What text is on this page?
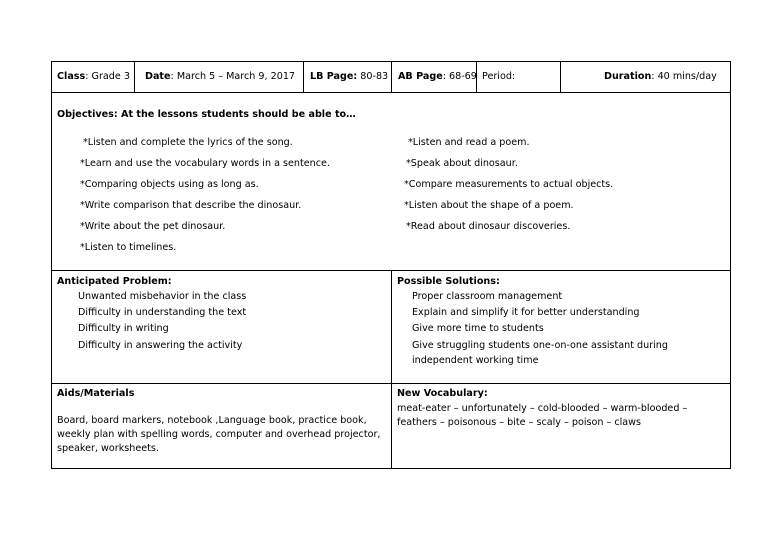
Class: Grade 3 Date: March 5 – March 9, 2017 LB Page: 80-83 AB Page: 68-69 Period:	Duration: 40 mins/day
Objectives: At the lessons students should be able to…
*Listen and complete the lyrics of the song.
*Learn and use the vocabulary words in a sentence.
*Comparing objects using as long as.
*Write comparison that describe the dinosaur.
*Write about the pet dinosaur.
*Listen to timelines.
*Listen and read a poem.
*Speak about dinosaur.
*Compare measurements to actual objects.
*Listen about the shape of a poem.
*Read about dinosaur discoveries.
Anticipated Problem:
Unwanted misbehavior in the class
Difficulty in understanding the text
Difficulty in writing
Difficulty in answering the activity
Possible Solutions:
Proper classroom management
Explain and simplify it for better understanding
Give more time to students
Give struggling students one-on-one assistant during
independent working time
Aids/Materials
Board, board markers, notebook ,Language book, practice book, weekly plan with spelling words, computer and overhead projector, speaker, worksheets.
New Vocabulary:
meat-eater – unfortunately – cold-blooded – warm-blooded – feathers – poisonous – bite – scaly – poison – claws
